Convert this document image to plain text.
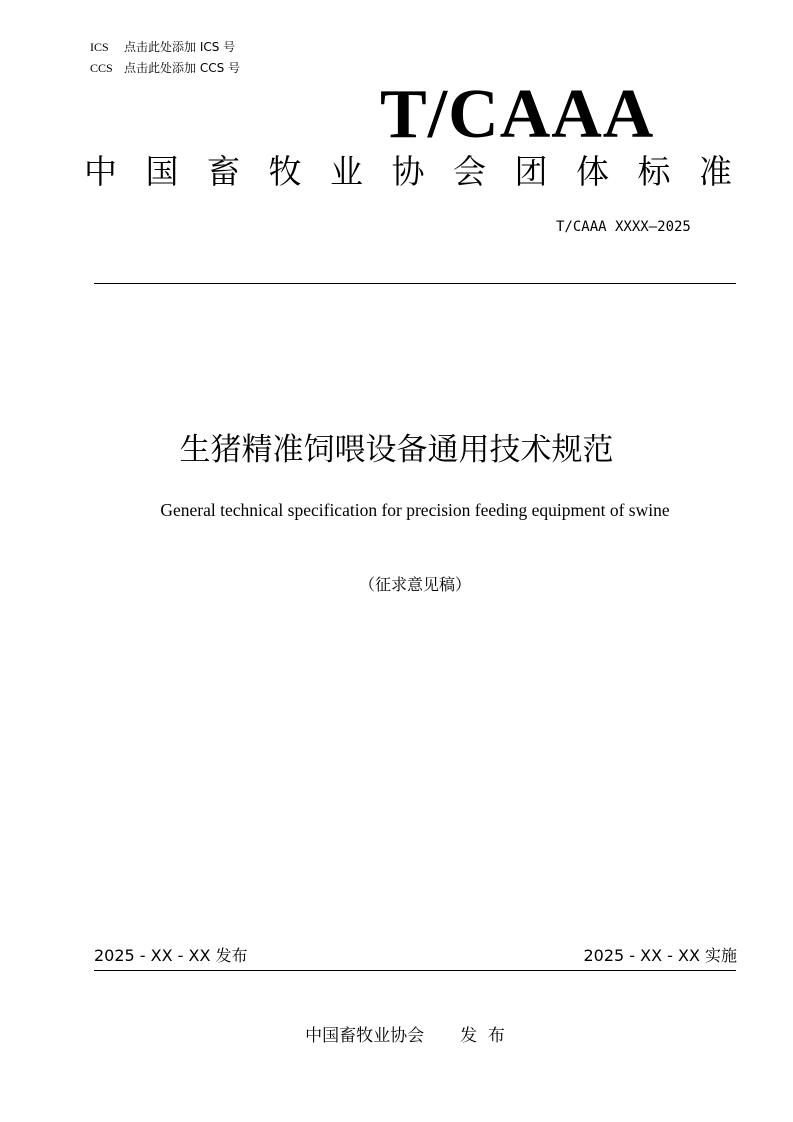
ICS 点击此处添加 ICS 号
CCS 点击此处添加 CCS 号
T/CAAA
中 国 畜 牧 业 协 会 团 体 标 准
T/CAAA XXXX—2025
生猪精准饲喂设备通用技术规范
General technical specification for precision feeding equipment of swine
（征求意见稿）
2025 - XX - XX 发布	2025 - XX - XX 实施
中国畜牧业协会 发  布
